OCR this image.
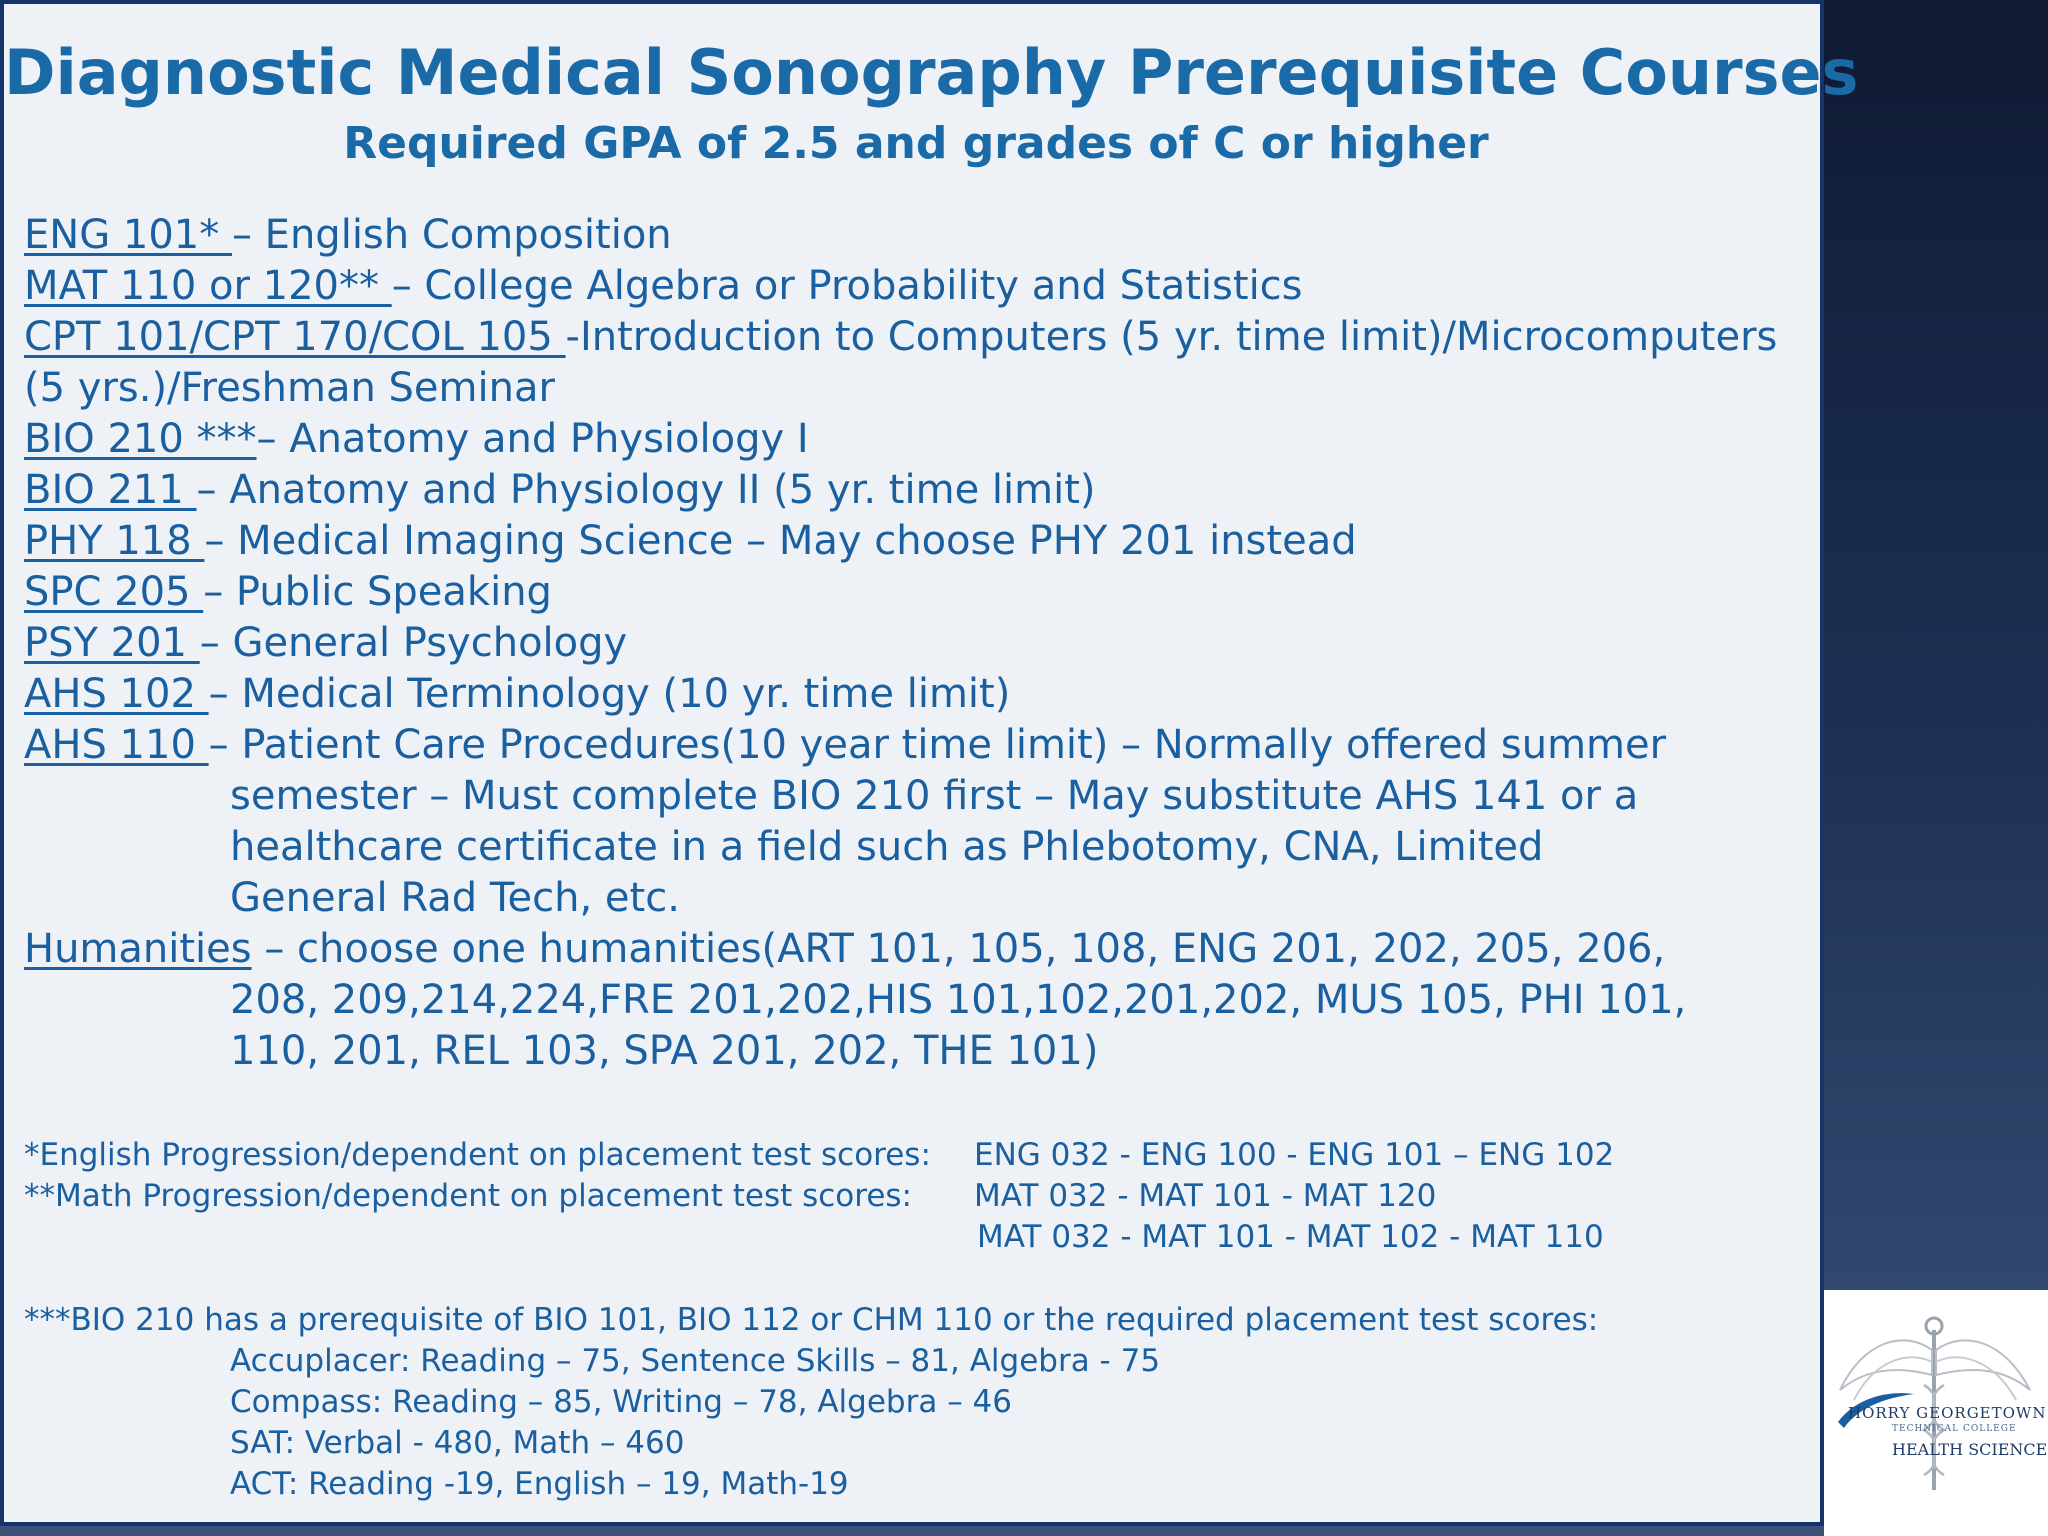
Diagnostic Medical Sonography Prerequisite Courses
Required GPA of 2.5 and grades of C or higher
ENG 101* – English Composition
MAT 110 or 120** – College Algebra or Probability and Statistics
CPT 101/CPT 170/COL 105 -Introduction to Computers (5 yr. time limit)/Microcomputers
(5 yrs.)/Freshman Seminar
BIO 210 ***– Anatomy and Physiology I
BIO 211 – Anatomy and Physiology II (5 yr. time limit)
PHY 118 – Medical Imaging Science – May choose PHY 201 instead
SPC 205 – Public Speaking
PSY 201 – General Psychology
AHS 102 – Medical Terminology (10 yr. time limit)
AHS 110 – Patient Care Procedures(10 year time limit) – Normally offered summer
semester – Must complete BIO 210 first – May substitute AHS 141 or a
healthcare certificate in a field such as Phlebotomy, CNA, Limited
General Rad Tech, etc.
Humanities – choose one humanities(ART 101, 105, 108, ENG 201, 202, 205, 206,
208, 209,214,224,FRE 201,202,HIS 101,102,201,202, MUS 105, PHI 101,
110, 201, REL 103, SPA 201, 202, THE 101)
*English Progression/dependent on placement test scores: ENG 032 - ENG 100 - ENG 101 – ENG 102
**Math Progression/dependent on placement test scores: MAT 032 - MAT 101 - MAT 120
MAT 032 - MAT 101 - MAT 102 - MAT 110
***BIO 210 has a prerequisite of BIO 101, BIO 112 or CHM 110 or the required placement test scores:
Accuplacer: Reading – 75, Sentence Skills – 81, Algebra - 75
Compass: Reading – 85, Writing – 78, Algebra – 46
SAT: Verbal - 480, Math – 460
ACT: Reading -19, English – 19, Math-19
HORRY GEORGETOWN
TECHNICAL COLLEGE
HEALTH SCIENCE
